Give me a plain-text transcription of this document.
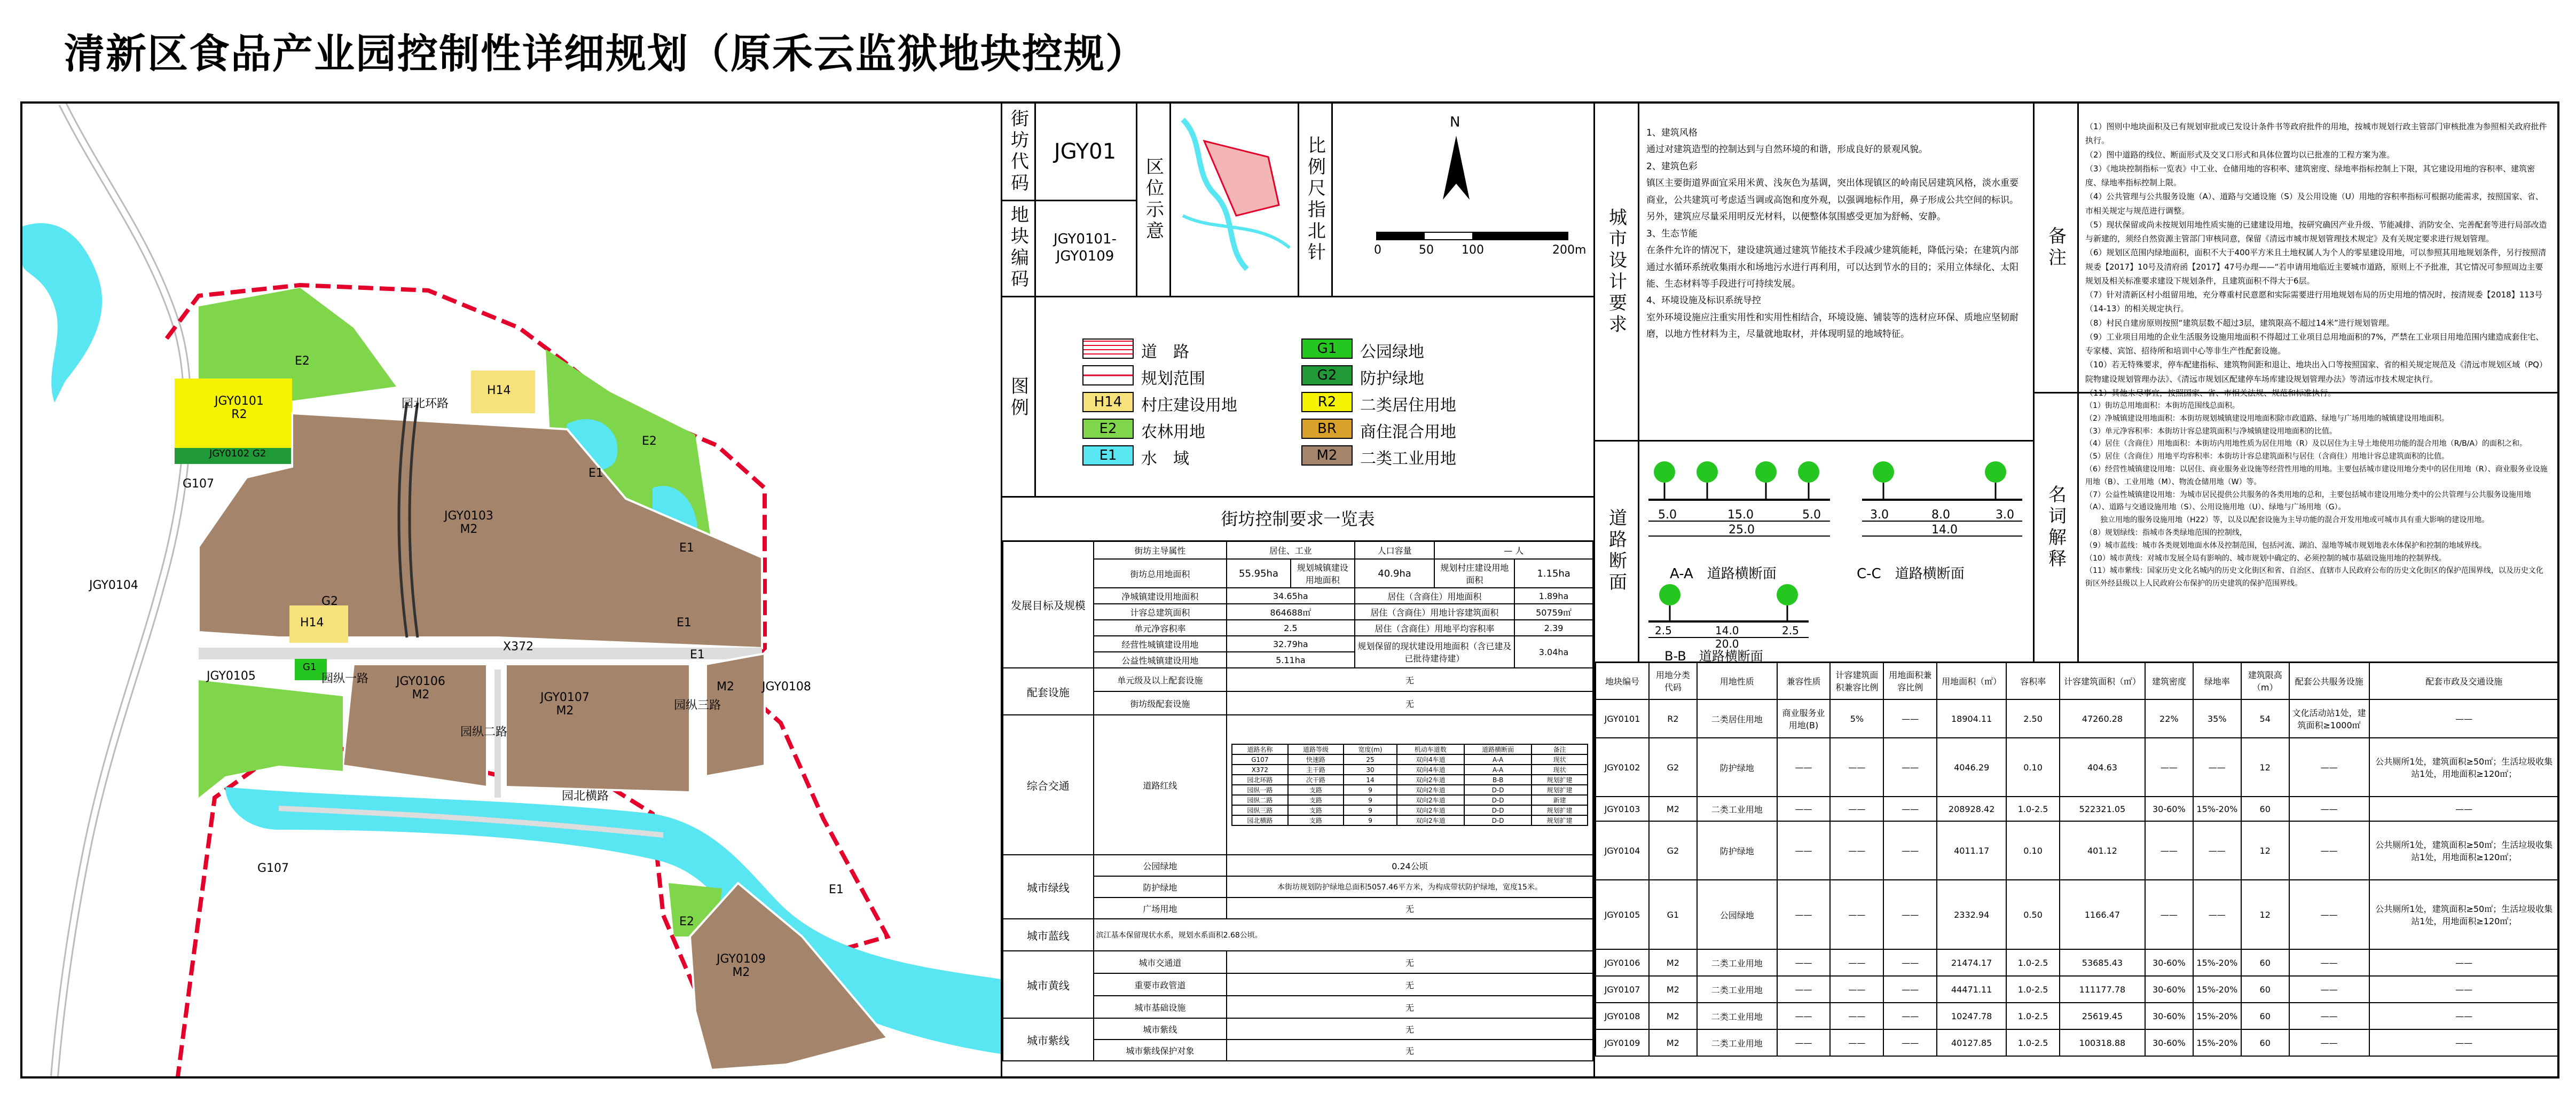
清新区食品产业园控制性详细规划（原禾云监狱地块控规）
JGY0101
R2
JGY0102 G2
JGY0103
M2
JGY0104
JGY0105	JGY0106
M2	JGY0107
M2
JGY0108
M2
JGY0109
M2
园北环路
园纵一路
园纵二路
园纵三路
园北横路
X372
G107
G107
E2
E2
E1
E1
E1
E1
E2
E1
H14
H14
G2
G1
街坊代码	JGY01
地块编码	JGY0101-
JGY0109
区位示意	比例尺指北针
N
0	50 100	200m
图例
道　路
规划范围
H14	村庄建设用地
E2	农林用地
E1	水　域
G1	公园绿地
G2	防护绿地
R2	二类居住用地
BR	商住混合用地
M2	二类工业用地
街坊控制要求一览表
发展目标及规模	街坊主导属性	居住、工业	人口容量	— 人
街坊总用地面积	55.95ha	规划城镇建设用地面积	40.9ha	规划村庄建设用地面积	1.15ha
净城镇建设用地面积	34.65ha	居住（含商住）用地面积	1.89ha
计容总建筑面积	864688㎡	居住（含商住）用地计容建筑面积	50759㎡
单元净容积率	2.5	居住（含商住）用地平均容积率	2.39
经营性城镇建设用地	32.79ha	规划保留的现状建设用地面积（含已建及已批待建待建）	3.04ha
公益性城镇建设用地	5.11ha
配套设施	单元级及以上配套设施	无
街坊级配套设施	无
综合交通	道路红线	
道路名称	道路等级	宽度(m)	机动车道数	道路横断面	备注
G107	快速路	25	双向4车道	A-A	现状
X372	主干路	30	双向4车道	A-A	现状
园北环路	次干路	14	双向2车道	B-B	规划扩建
园纵一路	支路	9	双向2车道	D-D	规划扩建
园纵二路	支路	9	双向2车道	D-D	新建
园纵三路	支路	9	双向2车道	D-D	规划扩建
园北横路	支路	9	双向2车道	D-D	规划扩建

城市绿线	公园绿地	0.24公顷
防护绿地	本街坊规划防护绿地总面积5057.46平方米，为构成带状防护绿地，宽度15米。
广场用地	无
城市蓝线	滨江基本保留现状水系，规划水系面积2.68公顷。
城市黄线	城市交通道	无
重要市政管道	无
城市基础设施	无
城市紫线	城市紫线	无
城市紫线保护对象	无
城市设计要求
1、建筑风格
通过对建筑造型的控制达到与自然环境的和谐，形成良好的景观风貌。
2、建筑色彩
镇区主要街道界面宜采用米黄、浅灰色为基调，突出体现镇区的岭南民居建筑风格，淡水重要商业，公共建筑可考虑适当调或高饱和度外观，以强调地标作用，鼻子形成公共空间的标识。另外，建筑应尽量采用明反光材料，以便整体氛围感受更加为舒畅、安静。
3、生态节能
在条件允许的情况下，建设建筑通过建筑节能技术手段减少建筑能耗，降低污染；在建筑内部通过水循环系统收集雨水和场地污水进行再利用，可以达到节水的目的；采用立体绿化、太阳能、生态材料等手段进行可持续发展。
4、环境设施及标识系统导控
室外环境设施应注重实用性和实用性相结合，环境设施、铺装等的选材应环保、质地应坚韧耐磨，以地方性材料为主，尽量就地取材，并体现明显的地域特征。
备注
（1）图则中地块面积及已有规划审批或已发设计条件书等政府批件的用地，按城市规划行政主管部门审核批准为参照相关政府批件执行。
（2）图中道路的线位、断面形式及交叉口形式和具体位置均以已批准的工程方案为准。
（3）《地块控制指标一览表》中工业、仓储用地的容积率、建筑密度、绿地率指标控制上下限，其它建设用地的容积率、建筑密度、绿地率指标控制上限。
（4）公共管理与公共服务设施（A）、道路与交通设施（S）及公用设施（U）用地的容积率指标可根据功能需求，按照国家、省、市相关规定与规范进行调整。
（5）现状保留或尚未按规划用地性质实施的已建建设用地，按研究确因产业升级、节能减排、消防安全、完善配套等进行局部改造与新建的，须经自然资源主管部门审核同意，保留《清远市城市规划管理技术规定》及有关规定要求进行规划管理。
（6）规划区范围内绿地面积，面积不大于400平方米且土地权属人为个人的零星建设用地，可以参照其用地规划条件，另行按照清规委【2017】10号及清府函【2017】47号办理——“若申请用地临近主要城市道路，原则上不予批准，其它情况可参照周边主要规划及相关标准要求建设下规划条件，且建筑面积不得大于6层。
（7）针对清新区村小组留用地，充分尊重村民意愿和实际需要进行用地规划布局的历史用地的情况时，按清规委【2018】113号（14-13）的相关规定执行。
（8）村民自建房原则按照“建筑层数不超过3层，建筑限高不超过14米”进行规划管理。
（9）工业项目用地的企业生活服务设施用地面积不得超过工业项目总用地面积的7%，严禁在工业项目用地范围内建造成套住宅、专家楼、宾馆、招待所和培训中心等非生产性配套设施。
（10）若无特殊要求，停车配建指标、建筑物间距和退让、地块出入口等按照国家、省的相关规定规范及《清远市规划区域（PQ）院物建设规划管理办法》、《清远市规划区配建停车场库建设规划管理办法》等清远市技术规定执行。
（11）其他未尽事宜，按照国家、省、市相关法规、规范和标准执行。
道路断面	5.0	15.0	5.0
25.0
A-A　道路横断面
3.0	8.0	3.0
14.0
C-C　道路横断面
2.5	14.0	2.5
20.0
B-B　道路横断面
名词解释
（1）街坊总用地面积：本街坊范围线总面积。
（2）净城镇建设用地面积：本街坊规划城镇建设用地面积除市政道路、绿地与广场用地的城镇建设用地面积。
（3）单元净容积率：本街坊计容总建筑面积与净城镇建设用地面积的比值。
（4）居住（含商住）用地面积：本街坊内用地性质为居住用地（R）及以居住为主导土地使用功能的混合用地（R/B/A）的面积之和。
（5）居住（含商住）用地平均容积率：本街坊计容总建筑面积与居住（含商住）用地计容总建筑面积的比值。
（6）经营性城镇建设用地：以居住、商业服务业设施等经营性用地的用地。主要包括城市建设用地分类中的居住用地（R）、商业服务业设施用地（B）、工业用地（M）、物流仓储用地（W）等。
（7）公益性城镇建设用地：为城市居民提供公共服务的各类用地的总和，主要包括城市建设用地分类中的公共管理与公共服务设施用地（A）、道路与交通设施用地（S）、公用设施用地（U）、绿地与广场用地（G）。
　　独立用地的服务设施用地（H22）等，以及以配套设施为主导功能的混合开发用地或可城市具有重大影响的建设用地。
（8）规划绿线：指城市各类绿地范围的控制线，
（9）城市蓝线：城市各类规划地面水体及控制范围，包括河流、湖泊、湿地等城市规划地表水体保护和控制的地域界线。
（10）城市黄线：对城市发展全局有影响的、城市规划中确定的、必须控制的城市基础设施用地的控制界线。
（11）城市紫线：国家历史文化名城内的历史文化街区和省、自治区、直辖市人民政府公布的历史文化街区的保护范围界线，以及历史文化街区外经县级以上人民政府公布保护的历史建筑的保护范围界线。
地块编号	用地分类代码	用地性质	兼容性质	计容建筑面积兼容比例	用地面积兼容比例	用地面积（㎡）	容积率	计容建筑面积（㎡）	建筑密度	绿地率	建筑限高（m）	配套公共服务设施	配套市政及交通设施
JGY0101	R2	二类居住用地	商业服务业用地(B)	5%	——	18904.11	2.50	47260.28	22%	35%	54	文化活动站1处，建筑面积≥1000㎡	——
JGY0102	G2	防护绿地	——	——	——	4046.29	0.10	404.63	——	——	12	——	公共厕所1处，建筑面积≥50㎡；生活垃圾收集站1处，用地面积≥120㎡；
JGY0103	M2	二类工业用地	——	——	——	208928.42	1.0-2.5	522321.05	30-60%	15%-20%	60	——	——
JGY0104	G2	防护绿地	——	——	——	4011.17	0.10	401.12	——	——	12	——	公共厕所1处，建筑面积≥50㎡；生活垃圾收集站1处，用地面积≥120㎡；
JGY0105	G1	公园绿地	——	——	——	2332.94	0.50	1166.47	——	——	12	——	公共厕所1处，建筑面积≥50㎡；生活垃圾收集站1处，用地面积≥120㎡；
JGY0106	M2	二类工业用地	——	——	——	21474.17	1.0-2.5	53685.43	30-60%	15%-20%	60	——	——
JGY0107	M2	二类工业用地	——	——	——	44471.11	1.0-2.5	111177.78	30-60%	15%-20%	60	——	——
JGY0108	M2	二类工业用地	——	——	——	10247.78	1.0-2.5	25619.45	30-60%	15%-20%	60	——	——
JGY0109	M2	二类工业用地	——	——	——	40127.85	1.0-2.5	100318.88	30-60%	15%-20%	60	——	——
